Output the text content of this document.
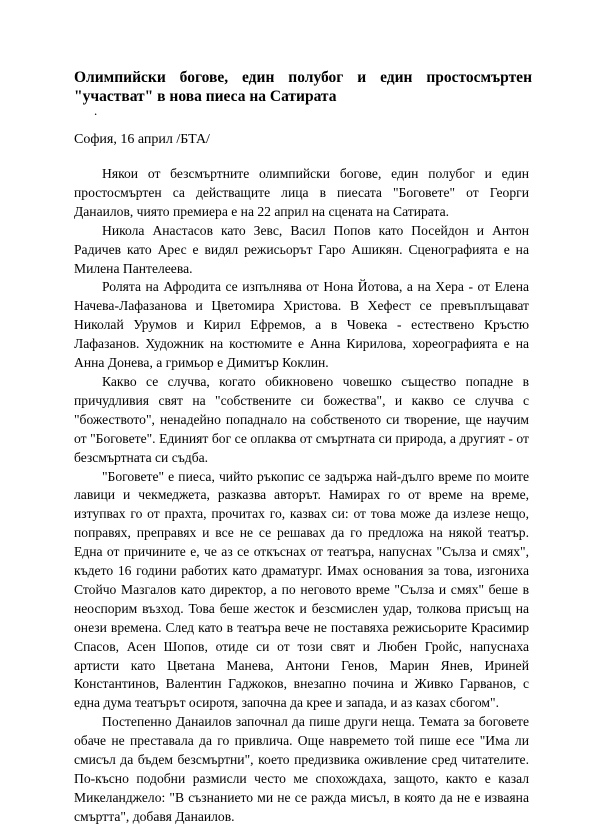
Олимпийски богове, един полубог и един простосмъртен "участват" в нова пиеса на Сатирата
.
София, 16 април /БТА/

Някои от безсмъртните олимпийски богове, един полубог и един простосмъртен са действащите лица в пиесата "Боговете" от Георги Данаилов, чиято премиера е на 22 април на сцената на Сатирата.

Никола Анастасов като Зевс, Васил Попов като Посейдон и Антон Радичев като Арес е видял режисьорът Гаро Ашикян. Сценографията е на Милена Пантелеева.

Ролята на Афродита се изпълнява от Нона Йотова, а на Хера - от Елена Начева-Лафазанова и Цветомира Христова. В Хефест се превъплъщават Николай Урумов и Кирил Ефремов, а в Човека - естествено Кръстю Лафазанов. Художник на костюмите е Анна Кирилова, хореографията е на Анна Донева, а гримьор е Димитър Коклин.

Какво се случва, когато обикновено човешко същество попадне в причудливия свят на "собствените си божества", и какво се случва с "божеството", ненадейно попаднало на собственото си творение, ще научим от "Боговете". Единият бог се оплаква от смъртната си природа, а другият - от безсмъртната си съдба.

"Боговете" е пиеса, чийто ръкопис се задържа най-дълго време по моите лавици и чекмеджета, разказва авторът. Намирах го от време на време, изтупвах го от прахта, прочитах го, казвах си: от това може да излезе нещо, поправях, преправях и все не се решавах да го предложа на някой театър. Една от причините е, че аз се откъснах от театъра, напуснах "Сълза и смях", където 16 години работих като драматург. Имах основания за това, изгониха Стойчо Мазгалов като директор, а по неговото време "Сълза и смях" беше в неоспорим възход. Това беше жесток и безсмислен удар, толкова присъщ на онези времена. След като в театъра вече не поставяха режисьорите Красимир Спасов, Асен Шопов, отиде си от този свят и Любен Гройс, напуснаха артисти като Цветана Манева, Антони Генов, Марин Янев, Ириней Константинов, Валентин Гаджоков, внезапно почина и Живко Гарванов, с една дума театърът осиротя, започна да крее и запада, и аз казах сбогом".

Постепенно Данаилов започнал да пише други неща. Темата за боговете обаче не преставала да го привлича. Още навремето той пише есе "Има ли смисъл да бъдем безсмъртни", което предизвика оживление сред читателите. По-късно подобни размисли често ме спохождаха, защото, както е казал Микеланджело: "В съзнанието ми не се ражда мисъл, в която да не е изваяна смъртта", добавя Данаилов.
